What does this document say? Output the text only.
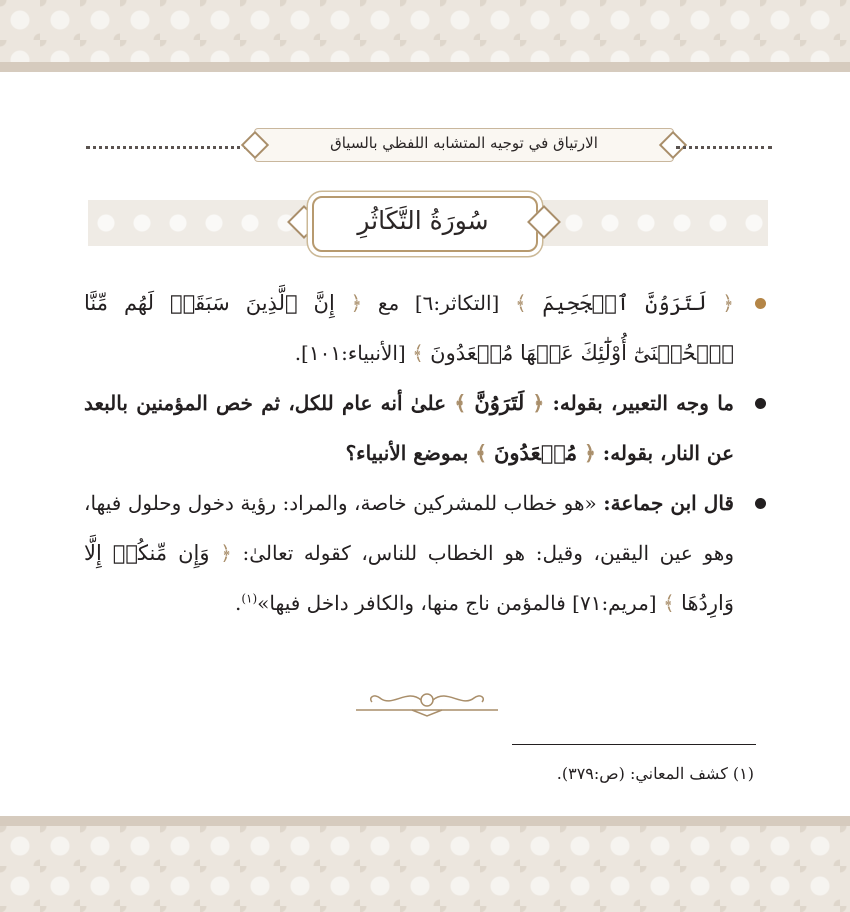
الارتياق في توجيه المتشابه اللفظي بالسياق
سُورَةُ التَّكَاثُرِ

﴿ لَتَرَوُنَّ ٱلۡجَحِيمَ ﴾ [التكاثر:٦] مع ﴿ إِنَّ ٱلَّذِينَ سَبَقَتۡ لَهُم مِّنَّا ٱلۡحُسۡنَىٰٓ أُوْلَٰٓئِكَ عَنۡهَا مُبۡعَدُونَ ﴾ [الأنبياء:١٠١].

ما وجه التعبير، بقوله: ﴿ لَتَرَوُنَّ ﴾ علىٰ أنه عام للكل، ثم خص المؤمنين بالبعد عن النار، بقوله: ﴿ مُبۡعَدُونَ ﴾ بموضع الأنبياء؟

قال ابن جماعة: «هو خطاب للمشركين خاصة، والمراد: رؤية دخول وحلول فيها، وهو عين اليقين، وقيل: هو الخطاب للناس، كقوله تعالىٰ: ﴿ وَإِن مِّنكُمۡ إِلَّا وَارِدُهَا ﴾ [مريم:٧١] فالمؤمن ناج منها، والكافر داخل فيها»$^{(١)}$.

(١) كشف المعاني: (ص:٣٧٩).
